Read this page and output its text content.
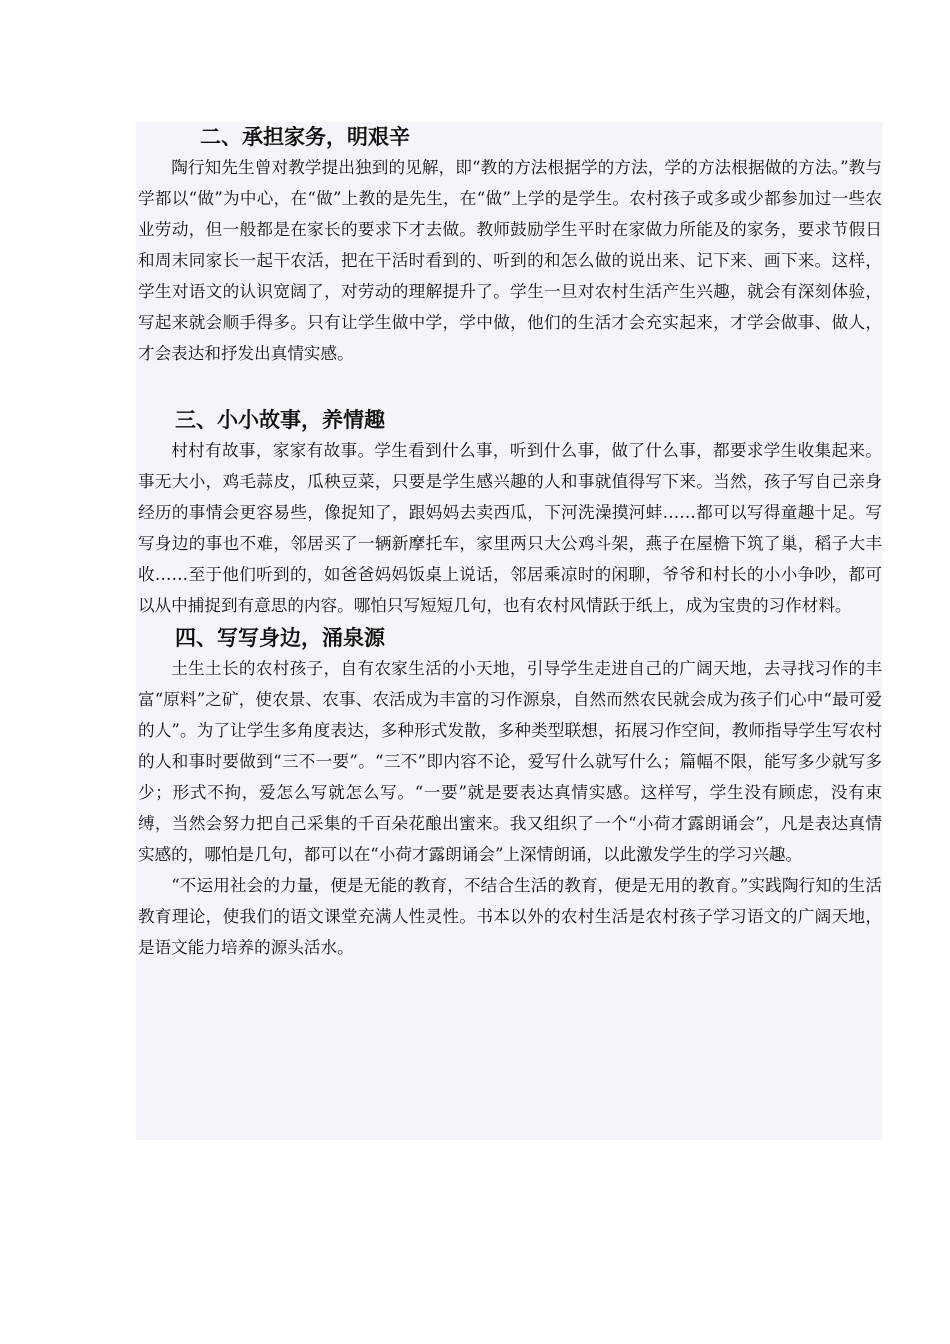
二、承担家务，明艰辛

陶行知先生曾对教学提出独到的见解，即“教的方法根据学的方法，学的方法根据做的方法。”教与学都以“做”为中心，在“做”上教的是先生，在“做”上学的是学生。农村孩子或多或少都参加过一些农业劳动，但一般都是在家长的要求下才去做。教师鼓励学生平时在家做力所能及的家务，要求节假日和周末同家长一起干农活，把在干活时看到的、听到的和怎么做的说出来、记下来、画下来。这样，学生对语文的认识宽阔了，对劳动的理解提升了。学生一旦对农村生活产生兴趣，就会有深刻体验，写起来就会顺手得多。只有让学生做中学，学中做，他们的生活才会充实起来，才学会做事、做人，才会表达和抒发出真情实感。

三、小小故事，养情趣

村村有故事，家家有故事。学生看到什么事，听到什么事，做了什么事，都要求学生收集起来。事无大小，鸡毛蒜皮，瓜秧豆菜，只要是学生感兴趣的人和事就值得写下来。当然，孩子写自己亲身经历的事情会更容易些，像捉知了，跟妈妈去卖西瓜，下河洗澡摸河蚌……都可以写得童趣十足。写写身边的事也不难，邻居买了一辆新摩托车，家里两只大公鸡斗架，燕子在屋檐下筑了巢，稻子大丰收……至于他们听到的，如爸爸妈妈饭桌上说话，邻居乘凉时的闲聊，爷爷和村长的小小争吵，都可以从中捕捉到有意思的内容。哪怕只写短短几句，也有农村风情跃于纸上，成为宝贵的习作材料。

四、写写身边，涌泉源

土生土长的农村孩子，自有农家生活的小天地，引导学生走进自己的广阔天地，去寻找习作的丰富“原料”之矿，使农景、农事、农活成为丰富的习作源泉，自然而然农民就会成为孩子们心中“最可爱的人”。为了让学生多角度表达，多种形式发散，多种类型联想，拓展习作空间，教师指导学生写农村的人和事时要做到“三不一要”。“三不”即内容不论，爱写什么就写什么；篇幅不限，能写多少就写多少；形式不拘，爱怎么写就怎么写。“一要”就是要表达真情实感。这样写，学生没有顾虑，没有束缚，当然会努力把自己采集的千百朵花酿出蜜来。我又组织了一个“小荷才露朗诵会”，凡是表达真情实感的，哪怕是几句，都可以在“小荷才露朗诵会”上深情朗诵，以此激发学生的学习兴趣。

“不运用社会的力量，便是无能的教育，不结合生活的教育，便是无用的教育。”实践陶行知的生活教育理论，使我们的语文课堂充满人性灵性。书本以外的农村生活是农村孩子学习语文的广阔天地，是语文能力培养的源头活水。
